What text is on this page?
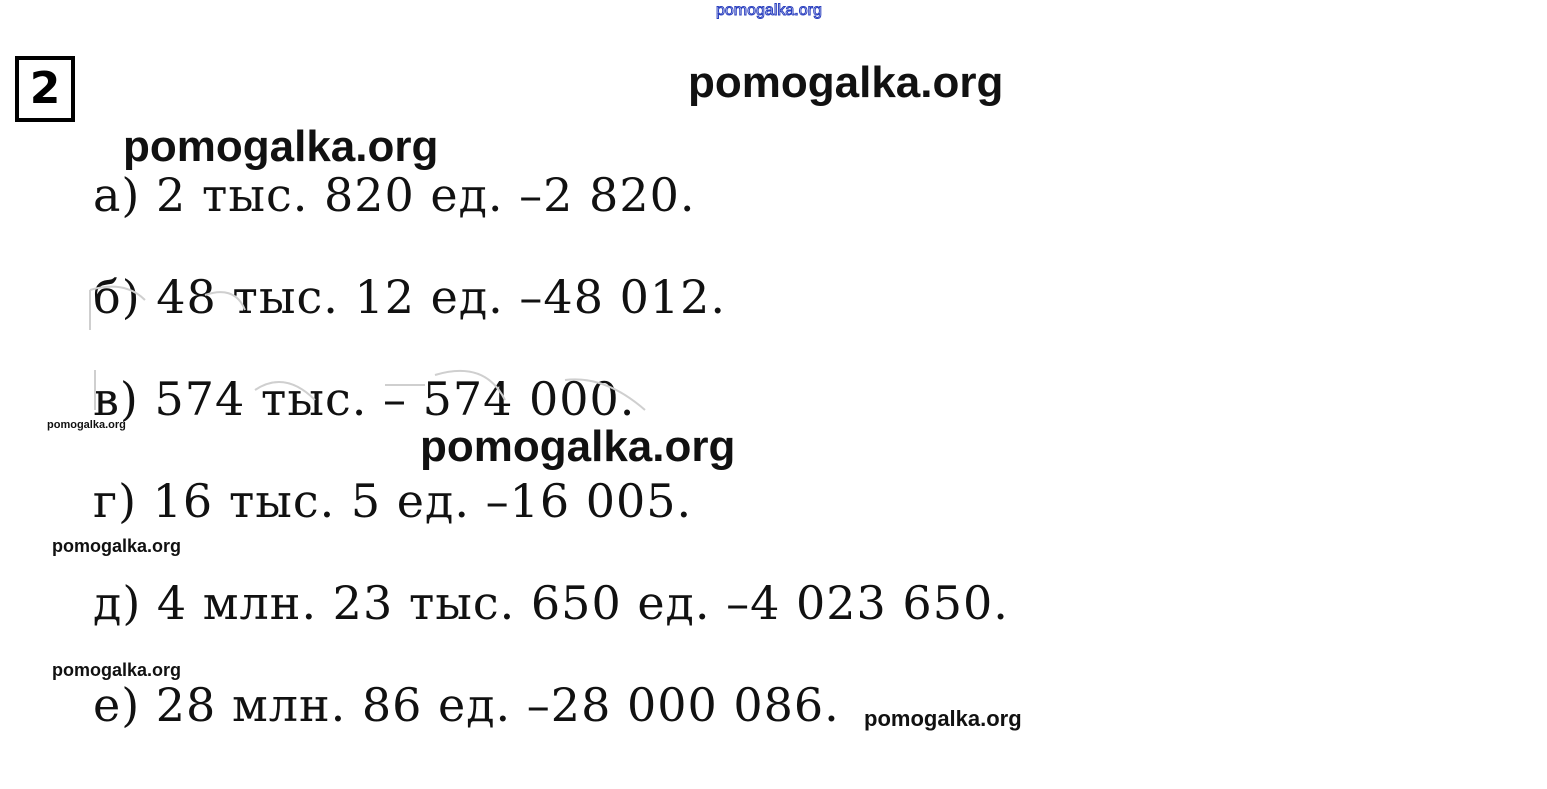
2
а) 2 тыс. 820 ед. –2 820.
б) 48 тыс. 12 ед. –48 012.
в) 574 тыс. – 574 000.
г) 16 тыс. 5 ед. –16 005.
д) 4 млн. 23 тыс. 650 ед. –4 023 650.
е) 28 млн. 86 ед. –28 000 086.
pomogalka.org
pomogalka.org
pomogalka.org
pomogalka.org
pomogalka.org
pomogalka.org
pomogalka.org
pomogalka.org
